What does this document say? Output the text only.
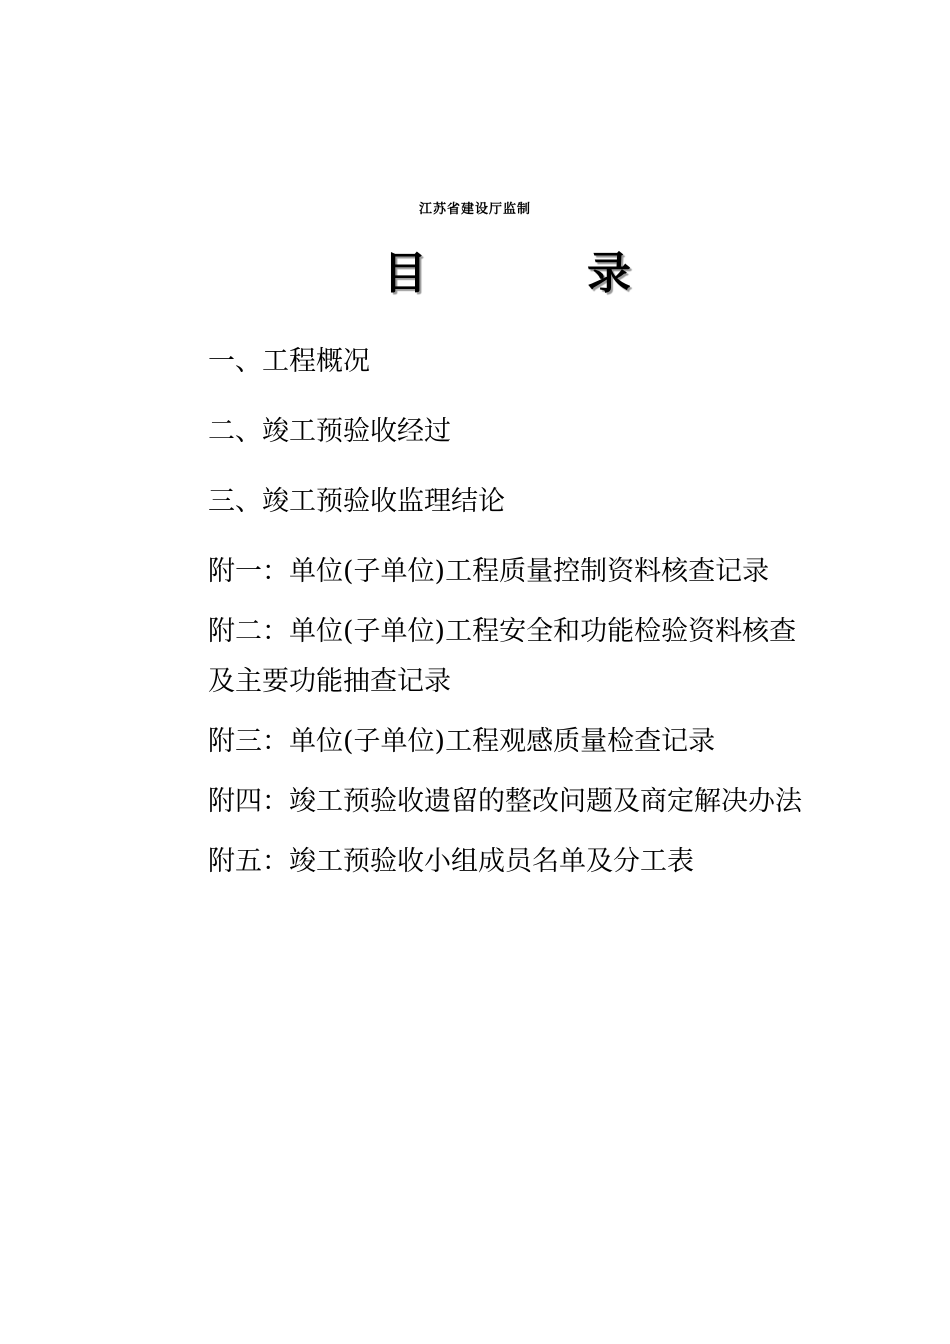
江苏省建设厅监制
目	录
一、工程概况
二、竣工预验收经过
三、竣工预验收监理结论
附一：单位(子单位)工程质量控制资料核查记录
附二：单位(子单位)工程安全和功能检验资料核查
及主要功能抽查记录
附三：单位(子单位)工程观感质量检查记录
附四：竣工预验收遗留的整改问题及商定解决办法
附五：竣工预验收小组成员名单及分工表
